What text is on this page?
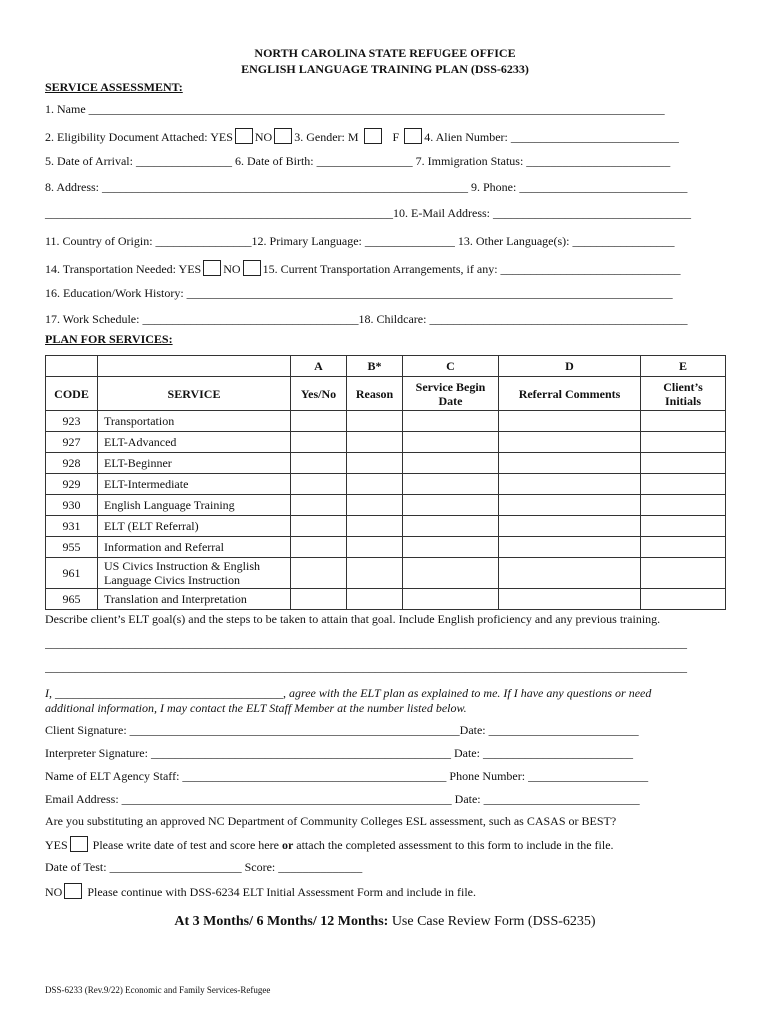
NORTH CAROLINA STATE REFUGEE OFFICE
ENGLISH LANGUAGE TRAINING PLAN (DSS-6233)
SERVICE ASSESSMENT:
1. Name ________________________________________________________________________________________________
2. Eligibility Document Attached: YES NO 3. Gender: M	F 4. Alien Number: ____________________________
5. Date of Arrival: ________________ 6. Date of Birth: ________________ 7. Immigration Status: ________________________
8. Address: _____________________________________________________________ 9. Phone: ____________________________
__________________________________________________________10. E-Mail Address: _________________________________
11. Country of Origin: ________________12. Primary Language: _______________ 13. Other Language(s): _________________
14. Transportation Needed: YES NO 15. Current Transportation Arrangements, if any: ______________________________
16. Education/Work History: _________________________________________________________________________________
17. Work Schedule: ____________________________________18. Childcare: ___________________________________________
PLAN FOR SERVICES:
		A	B*	C	D	E
CODE	SERVICE	Yes/No	Reason	Service Begin Date	Referral Comments	Client’s Initials
923	Transportation					
927	ELT-Advanced					
928	ELT-Beginner					
929	ELT-Intermediate					
930	English Language Training					
931	ELT (ELT Referral)					
955	Information and Referral					
961	US Civics Instruction & English Language Civics Instruction					
965	Translation and Interpretation					
Describe client’s ELT goal(s) and the steps to be taken to attain that goal. Include English proficiency and any previous training.
___________________________________________________________________________________________________________
___________________________________________________________________________________________________________
I, ______________________________________, agree with the ELT plan as explained to me. If I have any questions or need
additional information, I may contact the ELT Staff Member at the number listed below.
Client Signature: _______________________________________________________Date: _________________________
Interpreter Signature: __________________________________________________ Date: _________________________
Name of ELT Agency Staff: ____________________________________________ Phone Number: ____________________
Email Address: _______________________________________________________ Date: __________________________
Are you substituting an approved NC Department of Community Colleges ESL assessment, such as CASAS or BEST?
YES Please write date of test and score here or attach the completed assessment to this form to include in the file.
Date of Test: ______________________ Score: ______________
NO Please continue with DSS-6234 ELT Initial Assessment Form and include in file.
At 3 Months/ 6 Months/ 12 Months: Use Case Review Form (DSS-6235)
DSS-6233 (Rev.9/22) Economic and Family Services-Refugee
